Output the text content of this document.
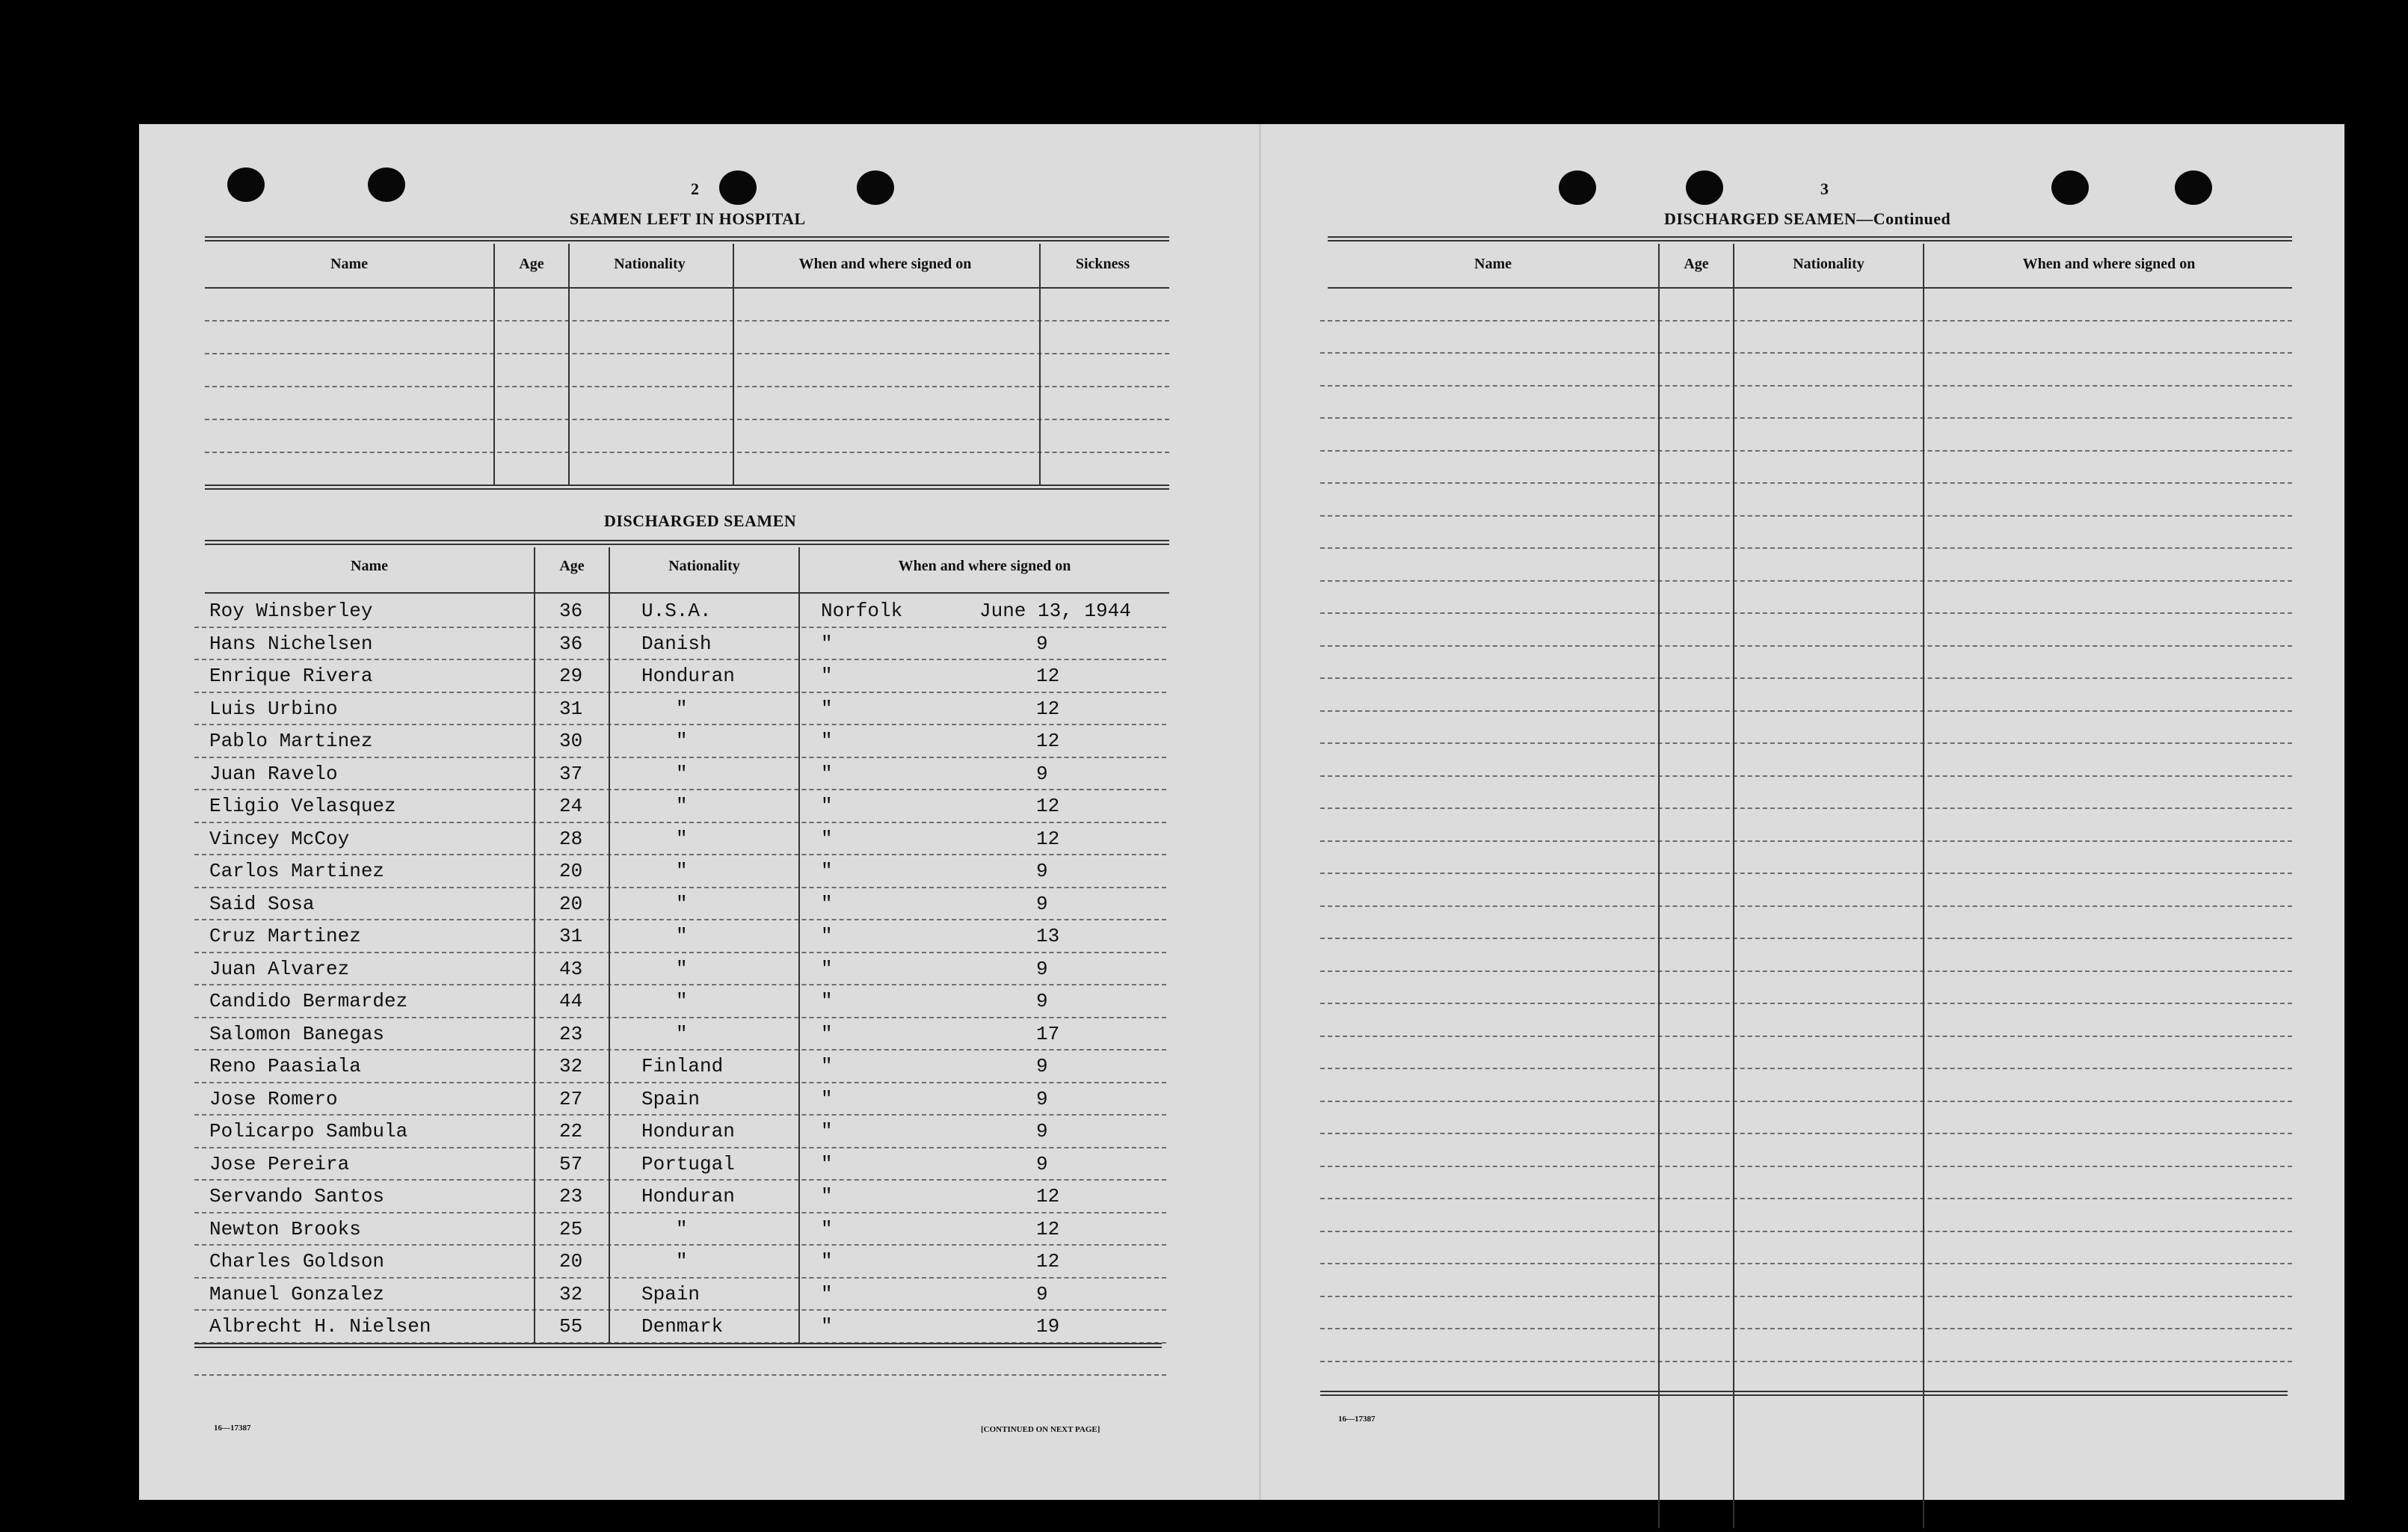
2
SEAMEN LEFT IN HOSPITAL
Name	Age	Nationality	When and where signed on	Sickness
DISCHARGED SEAMEN
Name	Age	Nationality	When and where signed on
Roy Winsberley	36	U.S.A.	Norfolk	June 13, 1944
Hans Nichelsen	36	Danish	"	9
Enrique Rivera	29	Honduran	"	12
Luis Urbino	31	"	"	12
Pablo Martinez	30	"	"	12
Juan Ravelo	37	"	"	9
Eligio Velasquez	24	"	"	12
Vincey McCoy	28	"	"	12
Carlos Martinez	20	"	"	9
Said Sosa	20	"	"	9
Cruz Martinez	31	"	"	13
Juan Alvarez	43	"	"	9
Candido Bermardez	44	"	"	9
Salomon Banegas	23	"	"	17
Reno Paasiala	32	Finland	"	9
Jose Romero	27	Spain	"	9
Policarpo Sambula	22	Honduran	"	9
Jose Pereira	57	Portugal	"	9
Servando Santos	23	Honduran	"	12
Newton Brooks	25	"	"	12
Charles Goldson	20	"	"	12
Manuel Gonzalez	32	Spain	"	9
Albrecht H. Nielsen	55	Denmark	"	19
16—17387	[CONTINUED ON NEXT PAGE]
3
DISCHARGED SEAMEN—Continued
Name	Age	Nationality	When and where signed on
16—17387
